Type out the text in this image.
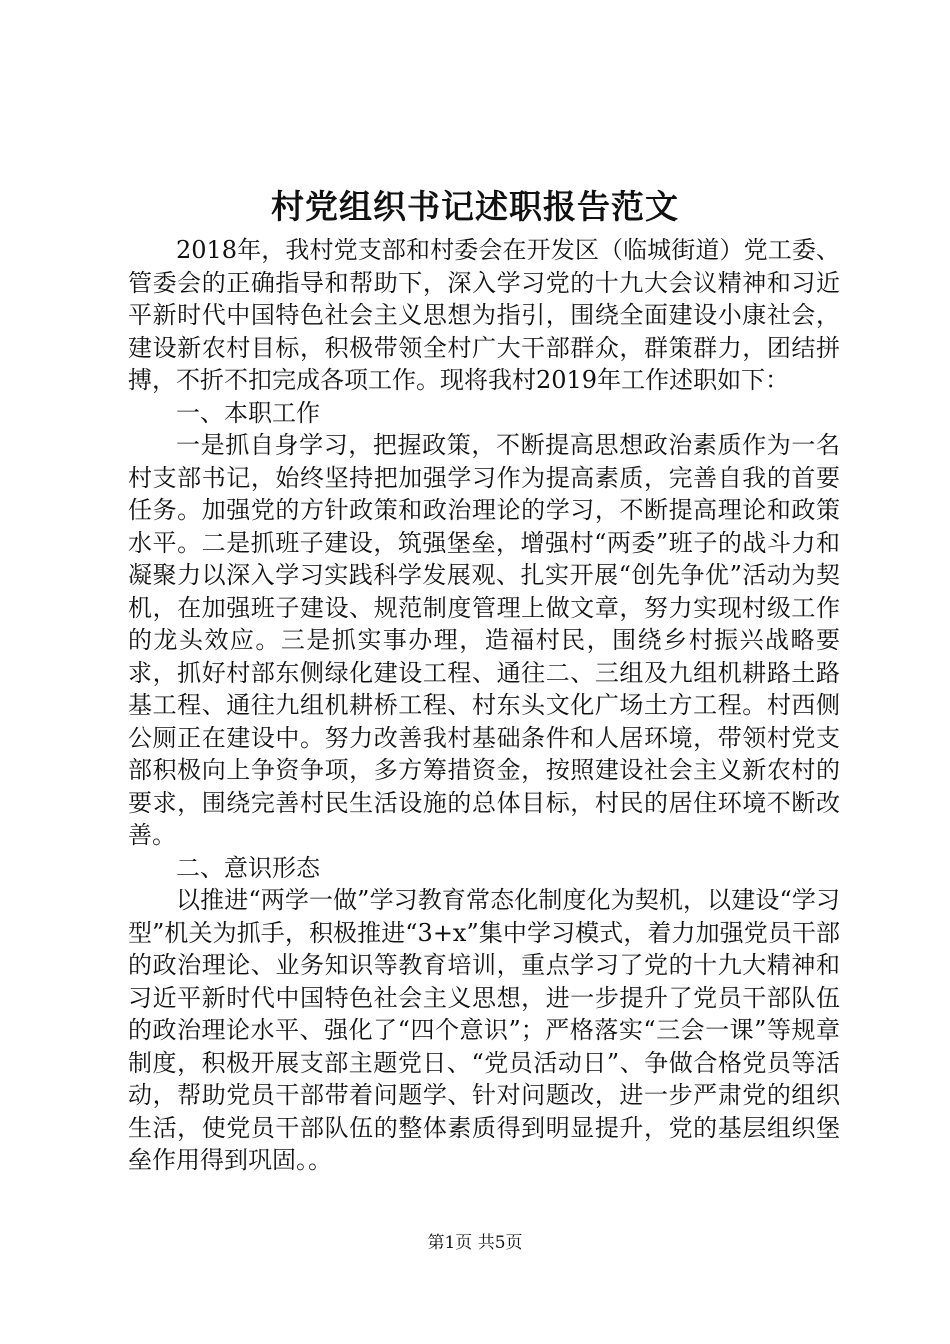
村党组织书记述职报告范文

2018年，我村党支部和村委会在开发区（临城街道）党工委、管委会的正确指导和帮助下，深入学习党的十九大会议精神和习近平新时代中国特色社会主义思想为指引，围绕全面建设小康社会，建设新农村目标，积极带领全村广大干部群众，群策群力，团结拼搏，不折不扣完成各项工作。现将我村2019年工作述职如下：

一、本职工作

一是抓自身学习，把握政策，不断提高思想政治素质作为一名村支部书记，始终坚持把加强学习作为提高素质，完善自我的首要任务。加强党的方针政策和政治理论的学习，不断提高理论和政策水平。二是抓班子建设，筑强堡垒，增强村“两委”班子的战斗力和凝聚力以深入学习实践科学发展观、扎实开展“创先争优”活动为契机，在加强班子建设、规范制度管理上做文章，努力实现村级工作的龙头效应。三是抓实事办理，造福村民，围绕乡村振兴战略要求，抓好村部东侧绿化建设工程、通往二、三组及九组机耕路土路基工程、通往九组机耕桥工程、村东头文化广场土方工程。村西侧公厕正在建设中。努力改善我村基础条件和人居环境，带领村党支部积极向上争资争项，多方筹措资金，按照建设社会主义新农村的要求，围绕完善村民生活设施的总体目标，村民的居住环境不断改善。

二、意识形态

以推进“两学一做”学习教育常态化制度化为契机，以建设“学习型”机关为抓手，积极推进“3+x”集中学习模式，着力加强党员干部的政治理论、业务知识等教育培训，重点学习了党的十九大精神和习近平新时代中国特色社会主义思想，进一步提升了党员干部队伍的政治理论水平、强化了“四个意识”；严格落实“三会一课”等规章制度，积极开展支部主题党日、“党员活动日”、争做合格党员等活动，帮助党员干部带着问题学、针对问题改，进一步严肃党的组织生活，使党员干部队伍的整体素质得到明显提升，党的基层组织堡垒作用得到巩固。。

第1页 共5页
